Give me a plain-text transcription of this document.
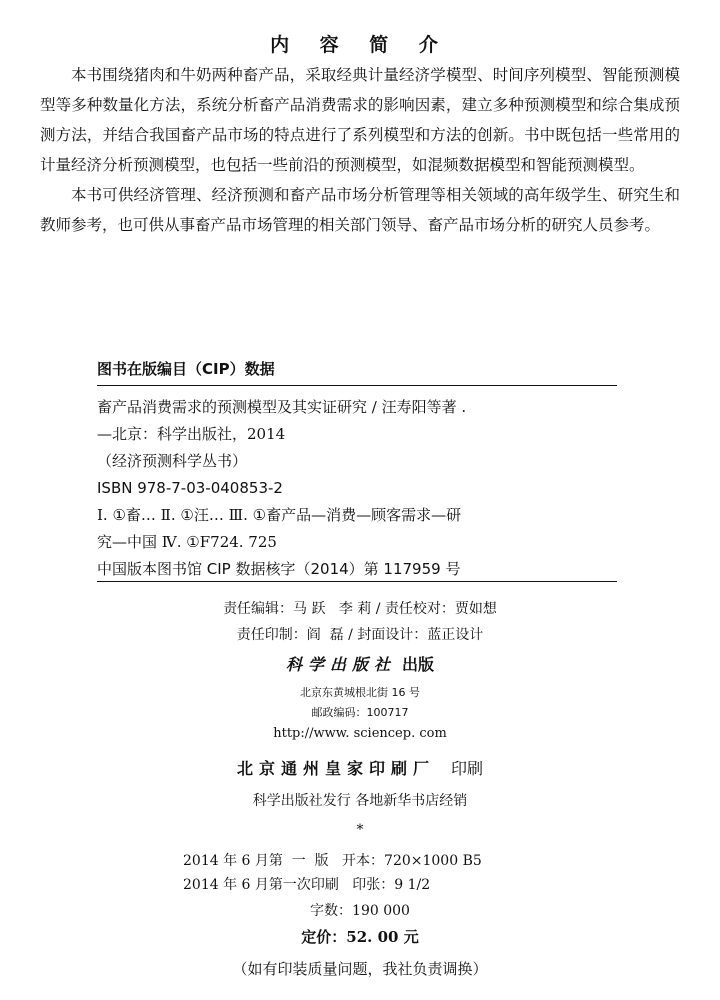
内 容 简 介

本书围绕猪肉和牛奶两种畜产品，采取经典计量经济学模型、时间序列模型、智能预测模型等多种数量化方法，系统分析畜产品消费需求的影响因素，建立多种预测模型和综合集成预测方法，并结合我国畜产品市场的特点进行了系列模型和方法的创新。书中既包括一些常用的计量经济分析预测模型，也包括一些前沿的预测模型，如混频数据模型和智能预测模型。

本书可供经济管理、经济预测和畜产品市场分析管理等相关领域的高年级学生、研究生和教师参考，也可供从事畜产品市场管理的相关部门领导、畜产品市场分析的研究人员参考。

图书在版编目（CIP）数据
畜产品消费需求的预测模型及其实证研究 / 汪寿阳等著 .
—北京：科学出版社，2014
（经济预测科学丛书）
ISBN 978-7-03-040853-2
Ⅰ. ①畜… Ⅱ. ①汪… Ⅲ. ①畜产品—消费—顾客需求—研
究—中国 Ⅳ. ①F724. 725
中国版本图书馆 CIP 数据核字（2014）第 117959 号
责任编辑：马 跃   李 莉 / 责任校对：贾如想
责任印制：阎  磊 / 封面设计：蓝正设计
科学出版社 出版
北京东黄城根北街 16 号
邮政编码：100717
http://www. sciencep. com
北京通州皇家印刷厂 印刷
科学出版社发行 各地新华书店经销
*
2014 年 6 月第  一  版   开本：720×1000 B5
2014 年 6 月第一次印刷   印张：9 1/2
字数：190 000
定价：52. 00 元
（如有印装质量问题，我社负责调换）
